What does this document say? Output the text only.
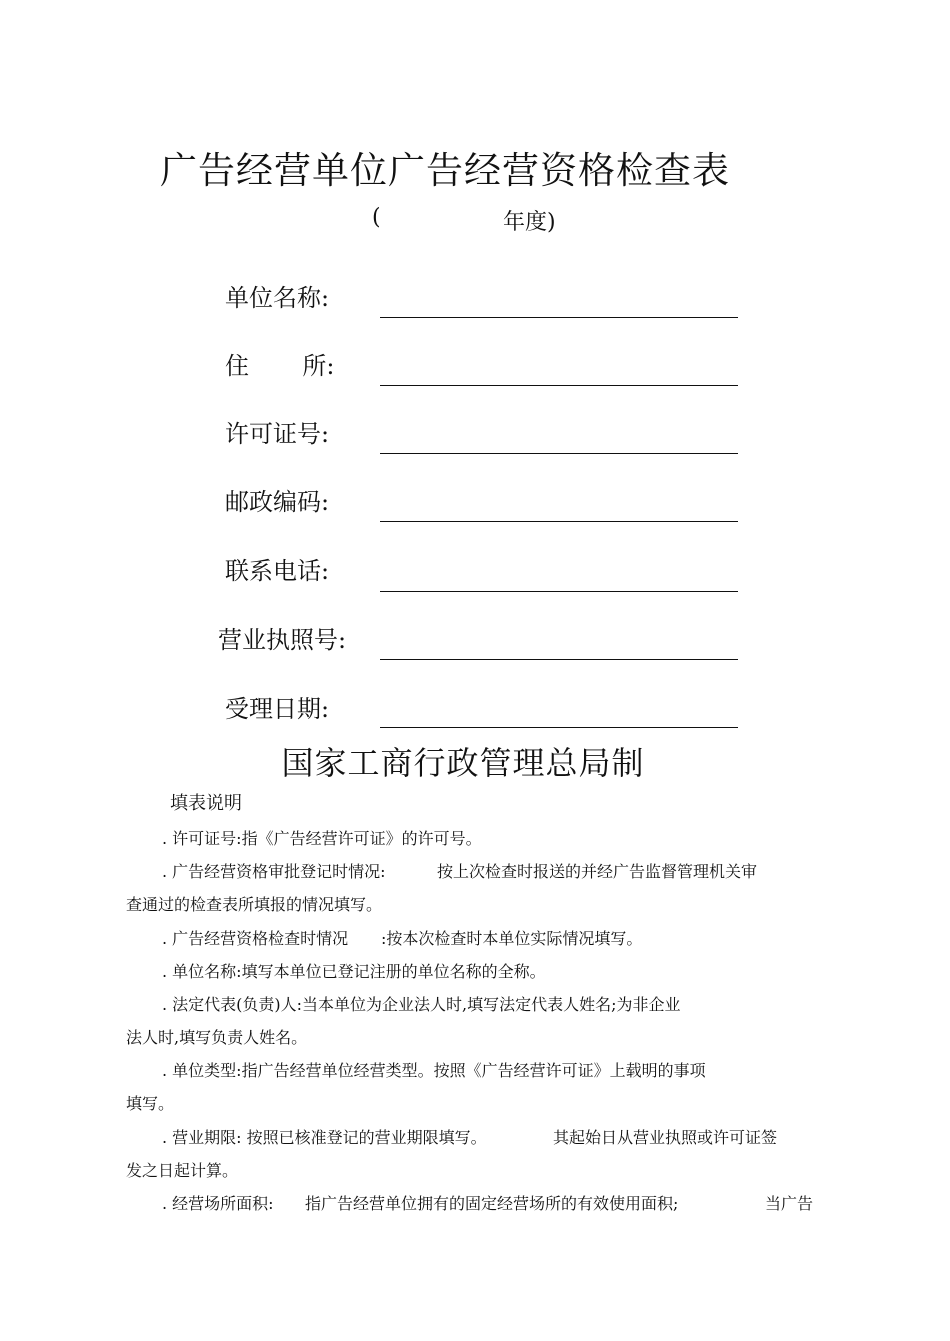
广告经营单位广告经营资格检查表
(	年度)
单位名称:
住       所:
许可证号:
邮政编码:
联系电话:
营业执照号:
受理日期:
国家工商行政管理总局制
填表说明
. 许可证号:指《广告经营许可证》的许可号。
. 广告经营资格审批登记时情况:	按上次检查时报送的并经广告监督管理机关审
查通过的检查表所填报的情况填写。
. 广告经营资格检查时情况 :按本次检查时本单位实际情况填写。
. 单位名称:填写本单位已登记注册的单位名称的全称。
. 法定代表(负责)人:当本单位为企业法人时,填写法定代表人姓名;为非企业
法人时,填写负责人姓名。
. 单位类型:指广告经营单位经营类型。按照《广告经营许可证》上载明的事项
填写。
. 营业期限: 按照已核准登记的营业期限填写。	其起始日从营业执照或许可证签
发之日起计算。
. 经营场所面积: 指广告经营单位拥有的固定经营场所的有效使用面积;	当广告
